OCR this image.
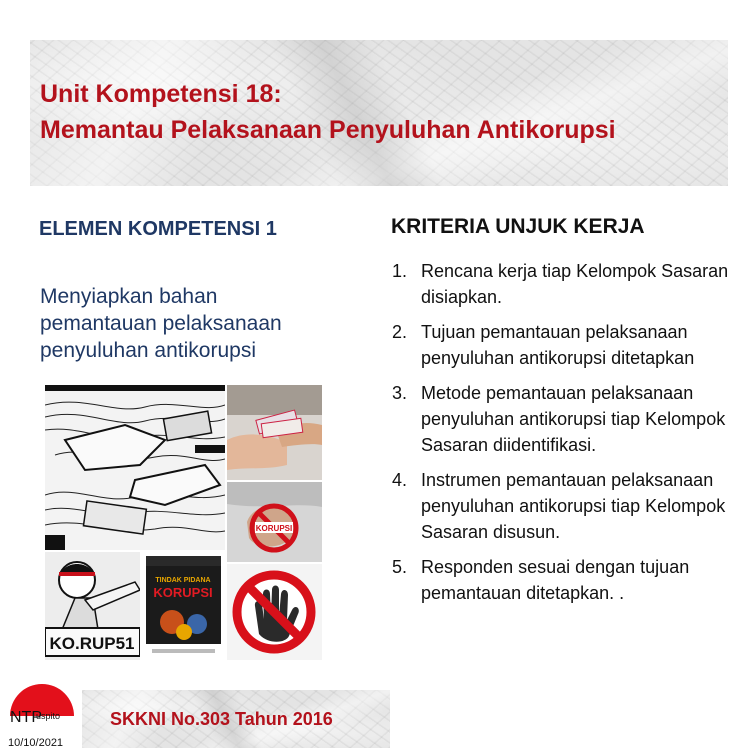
Unit Kompetensi 18:
Memantau Pelaksanaan Penyuluhan Antikorupsi
ELEMEN KOMPETENSI 1
Menyiapkan bahan pemantauan pelaksanaan penyuluhan antikorupsi
KORUPSI
KO.RUP51
TINDAK PIDANA
KORUPSI
KRITERIA UNJUK KERJA
1. Rencana kerja tiap Kelompok Sasaran disiapkan.
2. Tujuan pemantauan pelaksanaan penyuluhan antikorupsi ditetapkan
3. Metode pemantauan pelaksanaan penyuluhan antikorupsi tiap Kelompok Sasaran diidentifikasi.
4. Instrumen pemantauan pelaksanaan penyuluhan antikorupsi tiap Kelompok Sasaran disusun.
5. Responden sesuai dengan tujuan pemantauan ditetapkan. .
SKKNI No.303 Tahun 2016
NTP
uspito
10/10/2021
